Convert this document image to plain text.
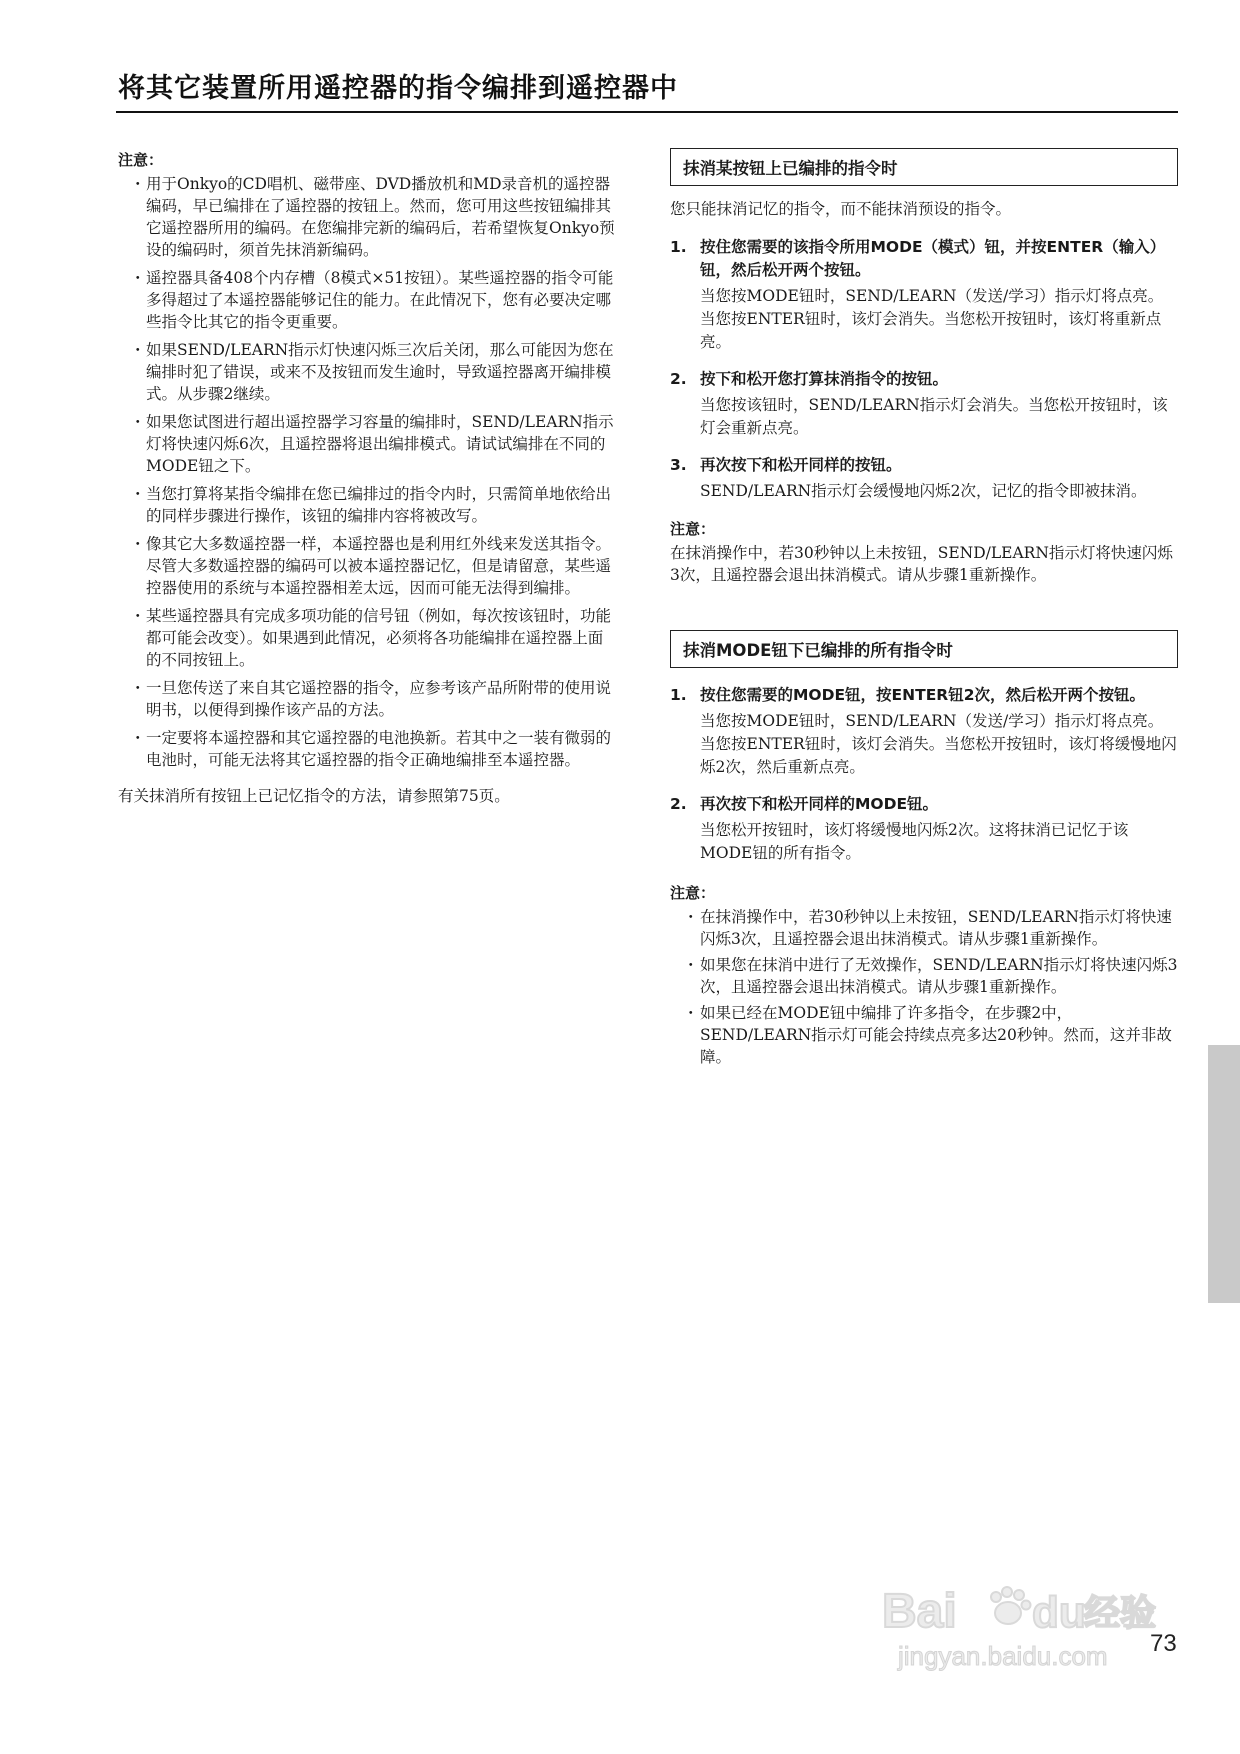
将其它装置所用遥控器的指令编排到遥控器中
注意：
・ 用于Onkyo的CD唱机、磁带座、DVD播放机和MD录音机的遥控器编码，早已编排在了遥控器的按钮上。然而，您可用这些按钮编排其它遥控器所用的编码。在您编排完新的编码后，若希望恢复Onkyo预设的编码时，须首先抹消新编码。
・ 遥控器具备408个内存槽（8模式×51按钮）。某些遥控器的指令可能多得超过了本遥控器能够记住的能力。在此情况下，您有必要决定哪些指令比其它的指令更重要。
・ 如果SEND/LEARN指示灯快速闪烁三次后关闭，那么可能因为您在编排时犯了错误，或来不及按钮而发生逾时，导致遥控器离开编排模式。从步骤2继续。
・ 如果您试图进行超出遥控器学习容量的编排时，SEND/LEARN指示灯将快速闪烁6次，且遥控器将退出编排模式。请试试编排在不同的MODE钮之下。
・ 当您打算将某指令编排在您已编排过的指令内时，只需简单地依给出的同样步骤进行操作，该钮的编排内容将被改写。
・ 像其它大多数遥控器一样，本遥控器也是利用红外线来发送其指令。尽管大多数遥控器的编码可以被本遥控器记忆，但是请留意，某些遥控器使用的系统与本遥控器相差太远，因而可能无法得到编排。
・ 某些遥控器具有完成多项功能的信号钮（例如，每次按该钮时，功能都可能会改变）。如果遇到此情况，必须将各功能编排在遥控器上面的不同按钮上。
・ 一旦您传送了来自其它遥控器的指令，应参考该产品所附带的使用说明书，以便得到操作该产品的方法。
・ 一定要将本遥控器和其它遥控器的电池换新。若其中之一装有微弱的电池时，可能无法将其它遥控器的指令正确地编排至本遥控器。

有关抹消所有按钮上已记忆指令的方法，请参照第75页。

抹消某按钮上已编排的指令时

您只能抹消记忆的指令，而不能抹消预设的指令。

1. 按住您需要的该指令所用MODE（模式）钮，并按ENTER（输入）钮，然后松开两个按钮。
当您按MODE钮时，SEND/LEARN（发送/学习）指示灯将点亮。当您按ENTER钮时，该灯会消失。当您松开按钮时，该灯将重新点亮。
2. 按下和松开您打算抹消指令的按钮。
当您按该钮时，SEND/LEARN指示灯会消失。当您松开按钮时，该灯会重新点亮。
3. 再次按下和松开同样的按钮。
SEND/LEARN指示灯会缓慢地闪烁2次，记忆的指令即被抹消。
注意：

在抹消操作中，若30秒钟以上未按钮，SEND/LEARN指示灯将快速闪烁3次，且遥控器会退出抹消模式。请从步骤1重新操作。

抹消MODE钮下已编排的所有指令时
1. 按住您需要的MODE钮，按ENTER钮2次，然后松开两个按钮。
当您按MODE钮时，SEND/LEARN（发送/学习）指示灯将点亮。当您按ENTER钮时，该灯会消失。当您松开按钮时，该灯将缓慢地闪烁2次，然后重新点亮。
2. 再次按下和松开同样的MODE钮。
当您松开按钮时，该灯将缓慢地闪烁2次。这将抹消已记忆于该MODE钮的所有指令。
注意：
・ 在抹消操作中，若30秒钟以上未按钮，SEND/LEARN指示灯将快速闪烁3次，且遥控器会退出抹消模式。请从步骤1重新操作。
・ 如果您在抹消中进行了无效操作，SEND/LEARN指示灯将快速闪烁3次，且遥控器会退出抹消模式。请从步骤1重新操作。
・ 如果已经在MODE钮中编排了许多指令，在步骤2中，SEND/LEARN指示灯可能会持续点亮多达20秒钟。然而，这并非故障。
Bai du
经验
jingyan.baidu.com 73
